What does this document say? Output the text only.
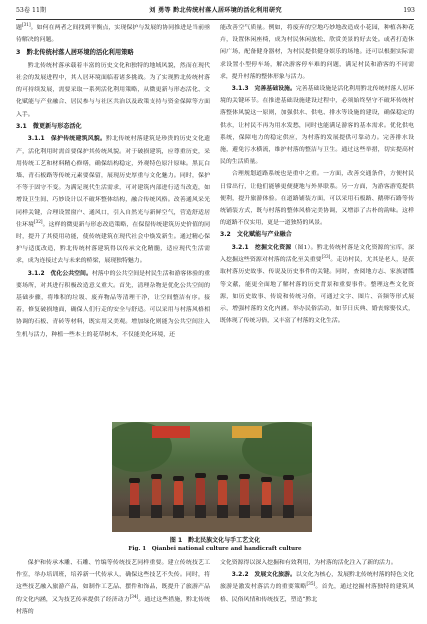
53卷 11期	刘 勇等 黔北传统村落人居环境的活化利用研究	193

题[31]。如何在两者之间找到平衡点，实现保护与发展的协同推进是当前亟待解决的问题。

3　黔北传统村落人居环境的活化利用策略

黔北传统村落承载着丰富的历史文化和独特的地域风貌，然而在现代社会的发展进程中，其人居环境面临着诸多挑战。为了实现黔北传统村落的可持续发展，需要采取一系列活化利用策略，从微更新与形态活化、文化赋能与产业融合、居民参与与社区共治以及政策支持与资金保障等方面入手。

3.1　微更新与形态活化

3.1.1　保护传统建筑风貌。黔北传统村落建筑是珍贵的历史文化遗产，活化利用时需首要保护其传统风貌。对于破损建筑，应尊重历史，采用传统工艺和材料精心修缮，确保结构稳定，外观特色原汁原味。黑瓦白墙、青石板路等传统元素要保留，展现历史厚重与文化魅力。同时，保护不等于固守不变。为满足现代生活需求，可对建筑内部进行适当改造，如增设卫生间、巧妙设计以不破坏整体结构，融合传统风格。改善通风采光同样关键，合理设置窗户、通风口，引入自然光与新鲜空气，营造舒适居住环境[32]。这样的微更新与形态改造策略，在保留传统建筑历史价值的同时，提升了其使用功能，使传统建筑在现代社会中焕发新生。通过精心保护与适度改造，黔北传统村落建筑得以传承文化精髓，适应现代生活需求，成为连接过去与未来的桥梁，展现独特魅力。

3.1.2　优化公共空间。村落中的公共空间是村民生活和游客体验的重要场所，对其进行积极改造意义重大。首先，清理杂物是优化公共空间的基础步骤，将堆积的垃圾、废弃物品等清理干净，让空间整洁有序。接着，修复破损地面，确保人们行走的安全与舒适。可以采用与村落风格相协调的石板、青砖等材料，既实用又美观。增加绿化则能为公共空间注入生机与活力，种植一些本土的花草树木，不仅能美化环境，还

能改善空气质量。例如，将废弃的空地巧妙地改造成小花园，种植各种花卉，设置休闲座椅，成为村民休闲放松、欣赏美景的好去处。或者打造休闲广场，配备健身器材，为村民提供健身娱乐的场地。还可以根据实际需求设置小型停车场，解决游客停车难的问题，满足村民和游客的不同需求，提升村落的整体形象与活力。

3.1.3　完善基础设施。完善基础设施是活化利用黔北传统村落人居环境的关键环节。在推进基础设施建设过程中，必须始终坚守不破坏传统村落整体风貌这一原则，加强供水、供电、排水等设施的建设，确保稳定的供水，让村民不再为用水发愁，同时也能满足游客的基本需求。优化供电系统，保障电力的稳定供应，为村落的发展提供可靠动力。完善排水设施，避免污水横流，维护村落的整洁与卫生。通过这些举措，切实提高村民的生活质量。

合理规划道路系统也是重中之重。一方面，改善交通条件，方便村民日常出行，让他们能够更便捷地与外界联系。另一方面，为游客游览提供便利，提升旅游体验。在道路铺装方面，可以采用石板路、鹅卵石路等传统铺装方式，既与村落的整体风格完美协调，又增添了古朴的韵味。这样的道路不仅实用，更是一道独特的风景。

3.2　文化赋能与产业融合

3.2.1　挖掘文化资源（图1）。黔北传统村落是文化资源的宝库，深入挖掘这些资源对村落的活化至关重要[33]。走访村民，尤其是老人，是获取村落历史故事、传说及历史事件的关键。同时，查阅地方志、家族谱牒等文献，能更全面地了解村落的历史背景和重要事件。整理这些文化资源，如历史故事、传说和传统习俗，可通过文字、图片、音频等形式展示，增强村落的文化内涵。举办民俗活动，如节日庆典、婚丧嫁娶仪式，既体现了传统习俗，又丰富了村落的文化生活。

图 1　黔北民族文化与手工艺文化
Fig. 1　Qianbei national culture and handicraft culture

保护和传承木雕、石雕、竹编等传统技艺同样重要。建立传统技艺工作室，举办培训班，培养新一代传承人，确保这些技艺不失传。同时，将这些技艺融入旅游产品，如制作工艺品、摆件和饰品，既提升了旅游产品的文化内涵，又为技艺传承提供了经济动力[34]。通过这些措施，黔北传统村落的

文化资源得以深入挖掘和有效利用，为村落的活化注入了新的活力。

3.2.2　发展文化旅游。以文化为核心，发展黔北传统村落的特色文化旅游是激发村落活力的重要策略[35]。首先，通过挖掘村落独特的建筑风格、民俗风情和传统技艺，塑造“黔北
